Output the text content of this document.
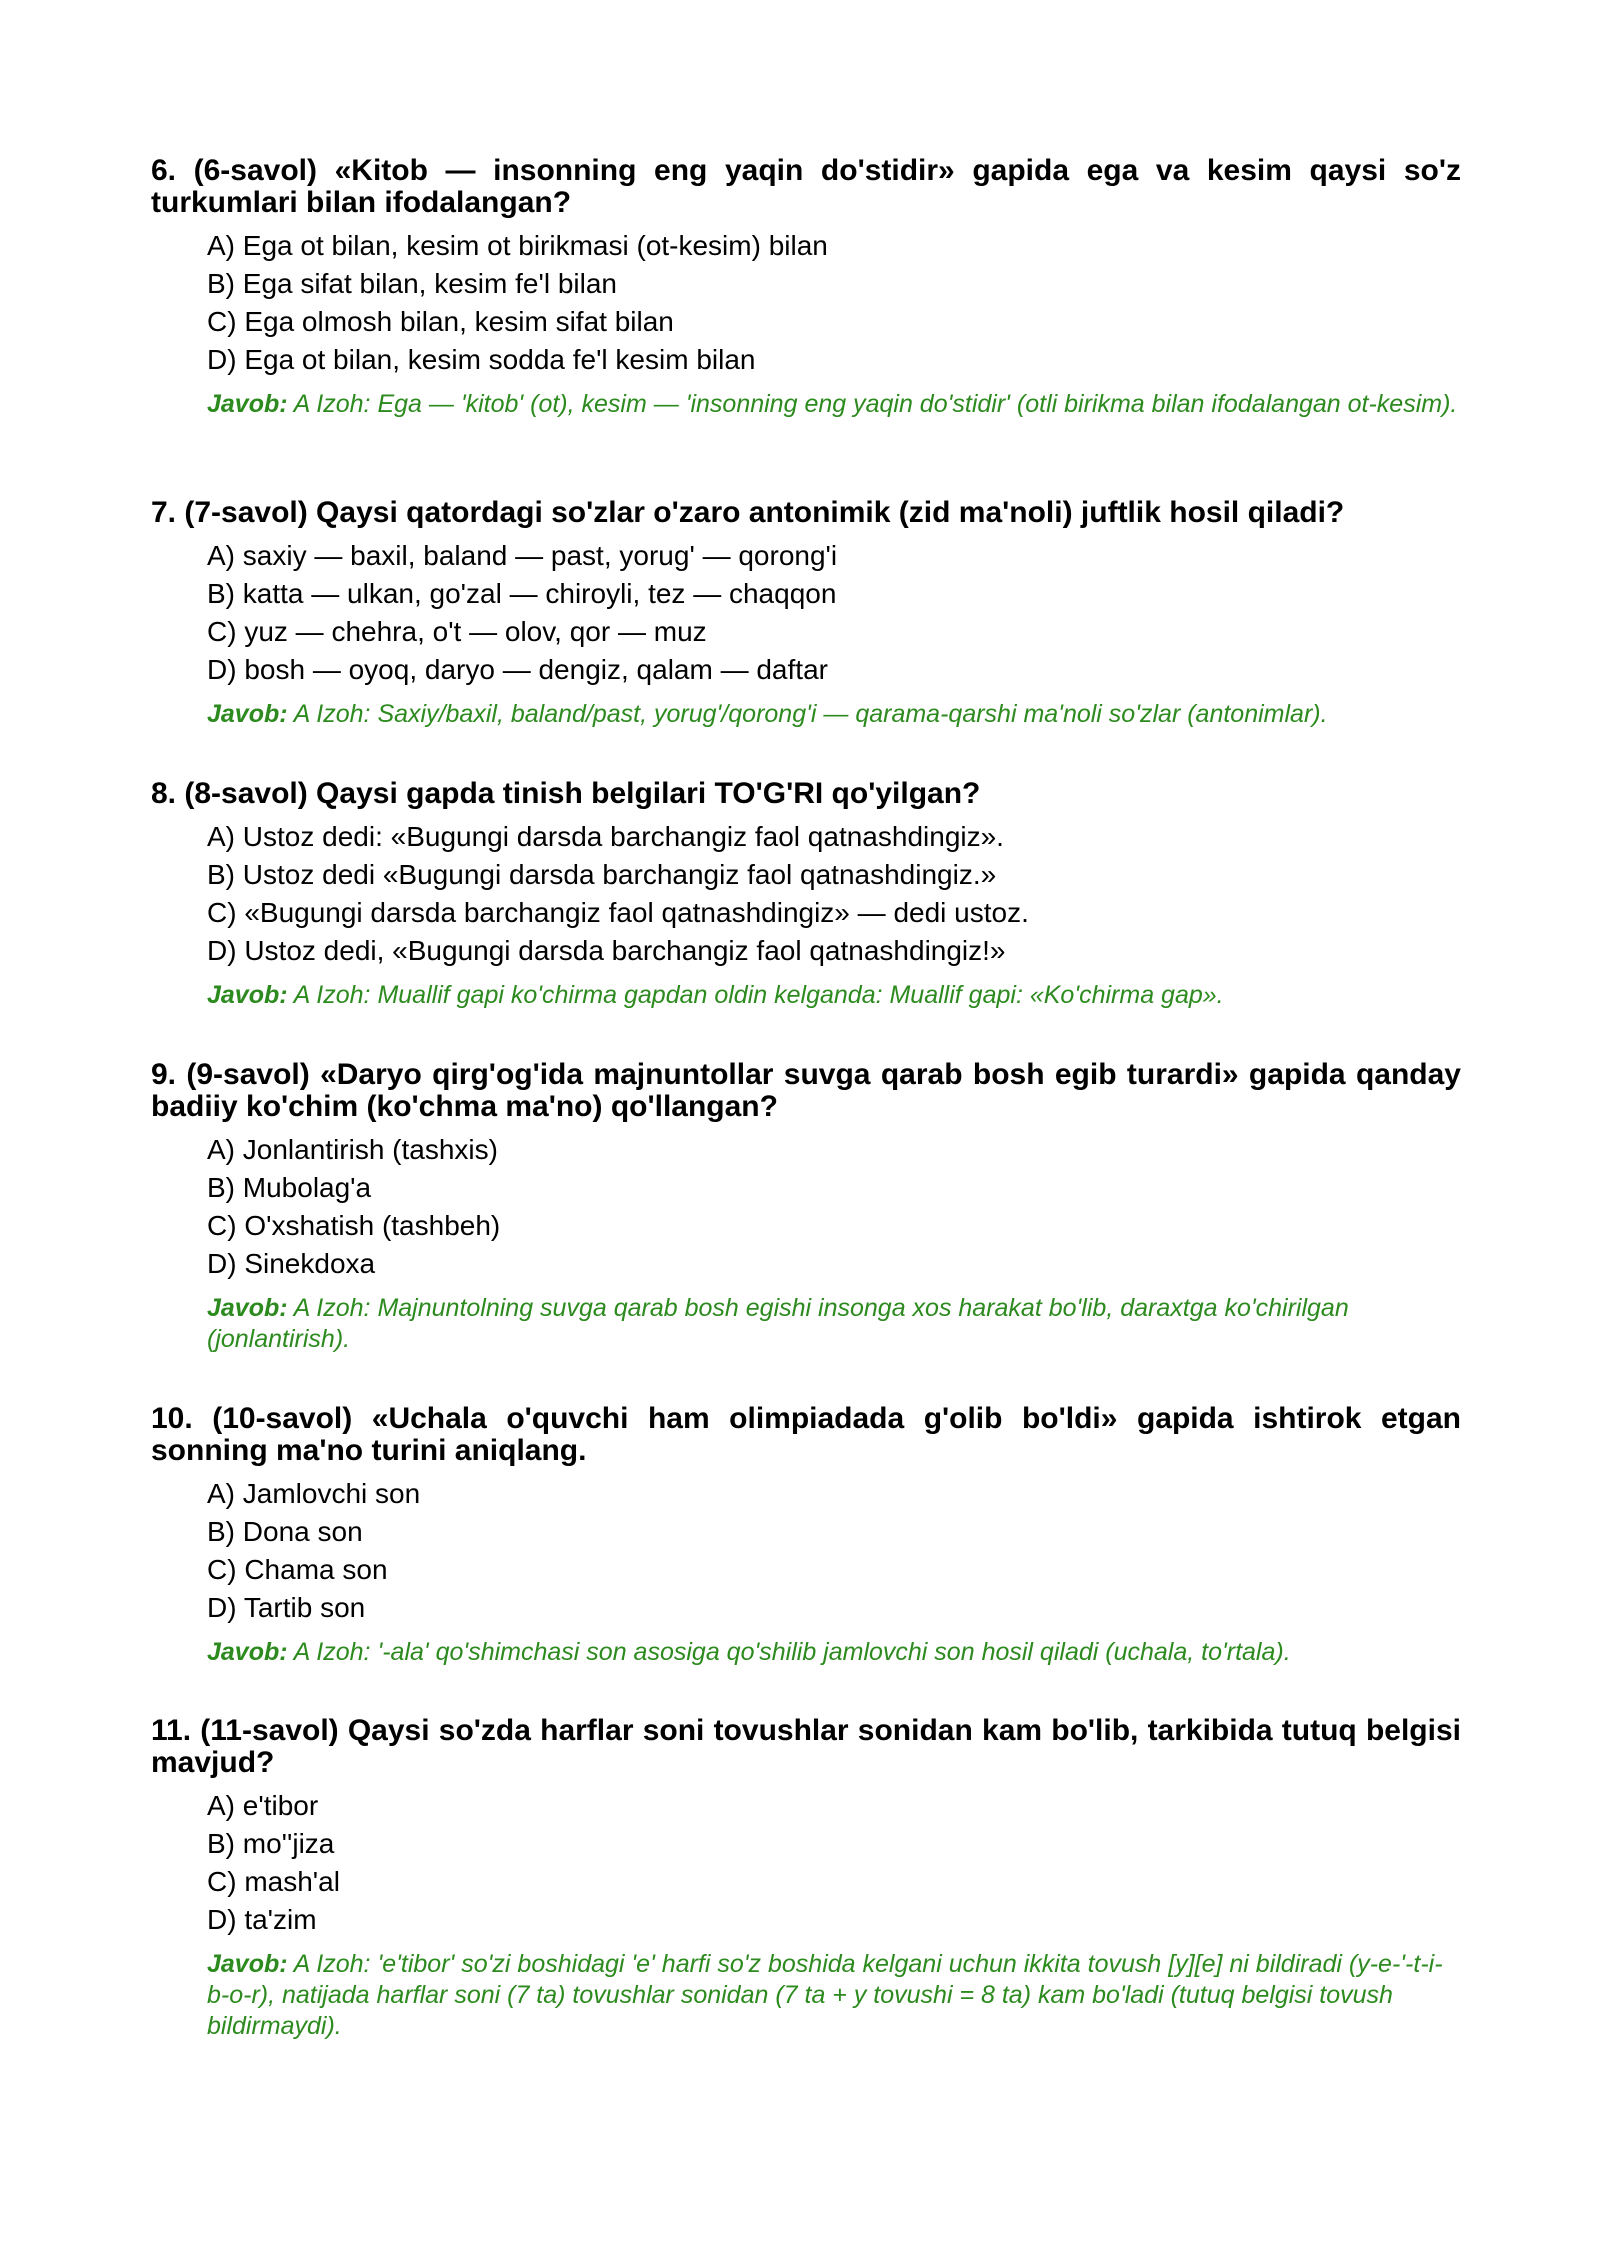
6. (6-savol) «Kitob — insonning eng yaqin do'stidir» gapida ega va kesim qaysi so'z turkumlari bilan ifodalangan?

A) Ega ot bilan, kesim ot birikmasi (ot-kesim) bilan
B) Ega sifat bilan, kesim fe'l bilan
C) Ega olmosh bilan, kesim sifat bilan
D) Ega ot bilan, kesim sodda fe'l kesim bilan
Javob: A Izoh: Ega — 'kitob' (ot), kesim — 'insonning eng yaqin do'stidir' (otli birikma bilan ifodalangan ot-kesim).

7. (7-savol) Qaysi qatordagi so'zlar o'zaro antonimik (zid ma'noli) juftlik hosil qiladi?

A) saxiy — baxil, baland — past, yorug' — qorong'i
B) katta — ulkan, go'zal — chiroyli, tez — chaqqon
C) yuz — chehra, o't — olov, qor — muz
D) bosh — oyoq, daryo — dengiz, qalam — daftar
Javob: A Izoh: Saxiy/baxil, baland/past, yorug'/qorong'i — qarama-qarshi ma'noli so'zlar (antonimlar).

8. (8-savol) Qaysi gapda tinish belgilari TO'G'RI qo'yilgan?

A) Ustoz dedi: «Bugungi darsda barchangiz faol qatnashdingiz».
B) Ustoz dedi «Bugungi darsda barchangiz faol qatnashdingiz.»
C) «Bugungi darsda barchangiz faol qatnashdingiz» — dedi ustoz.
D) Ustoz dedi, «Bugungi darsda barchangiz faol qatnashdingiz!»
Javob: A Izoh: Muallif gapi ko'chirma gapdan oldin kelganda: Muallif gapi: «Ko'chirma gap».

9. (9-savol) «Daryo qirg'og'ida majnuntollar suvga qarab bosh egib turardi» gapida qanday badiiy ko'chim (ko'chma ma'no) qo'llangan?

A) Jonlantirish (tashxis)
B) Mubolag'a
C) O'xshatish (tashbeh)
D) Sinekdoxa
Javob: A Izoh: Majnuntolning suvga qarab bosh egishi insonga xos harakat bo'lib, daraxtga ko'chirilgan (jonlantirish).

10. (10-savol) «Uchala o'quvchi ham olimpiadada g'olib bo'ldi» gapida ishtirok etgan sonning ma'no turini aniqlang.

A) Jamlovchi son
B) Dona son
C) Chama son
D) Tartib son
Javob: A Izoh: '-ala' qo'shimchasi son asosiga qo'shilib jamlovchi son hosil qiladi (uchala, to'rtala).

11. (11-savol) Qaysi so'zda harflar soni tovushlar sonidan kam bo'lib, tarkibida tutuq belgisi mavjud?

A) e'tibor
B) mo''jiza
C) mash'al
D) ta'zim
Javob: A Izoh: 'e'tibor' so'zi boshidagi 'e' harfi so'z boshida kelgani uchun ikkita tovush [y][e] ni bildiradi (y-e-'-t-i-b-o-r), natijada harflar soni (7 ta) tovushlar sonidan (7 ta + y tovushi = 8 ta) kam bo'ladi (tutuq belgisi tovush bildirmaydi).
